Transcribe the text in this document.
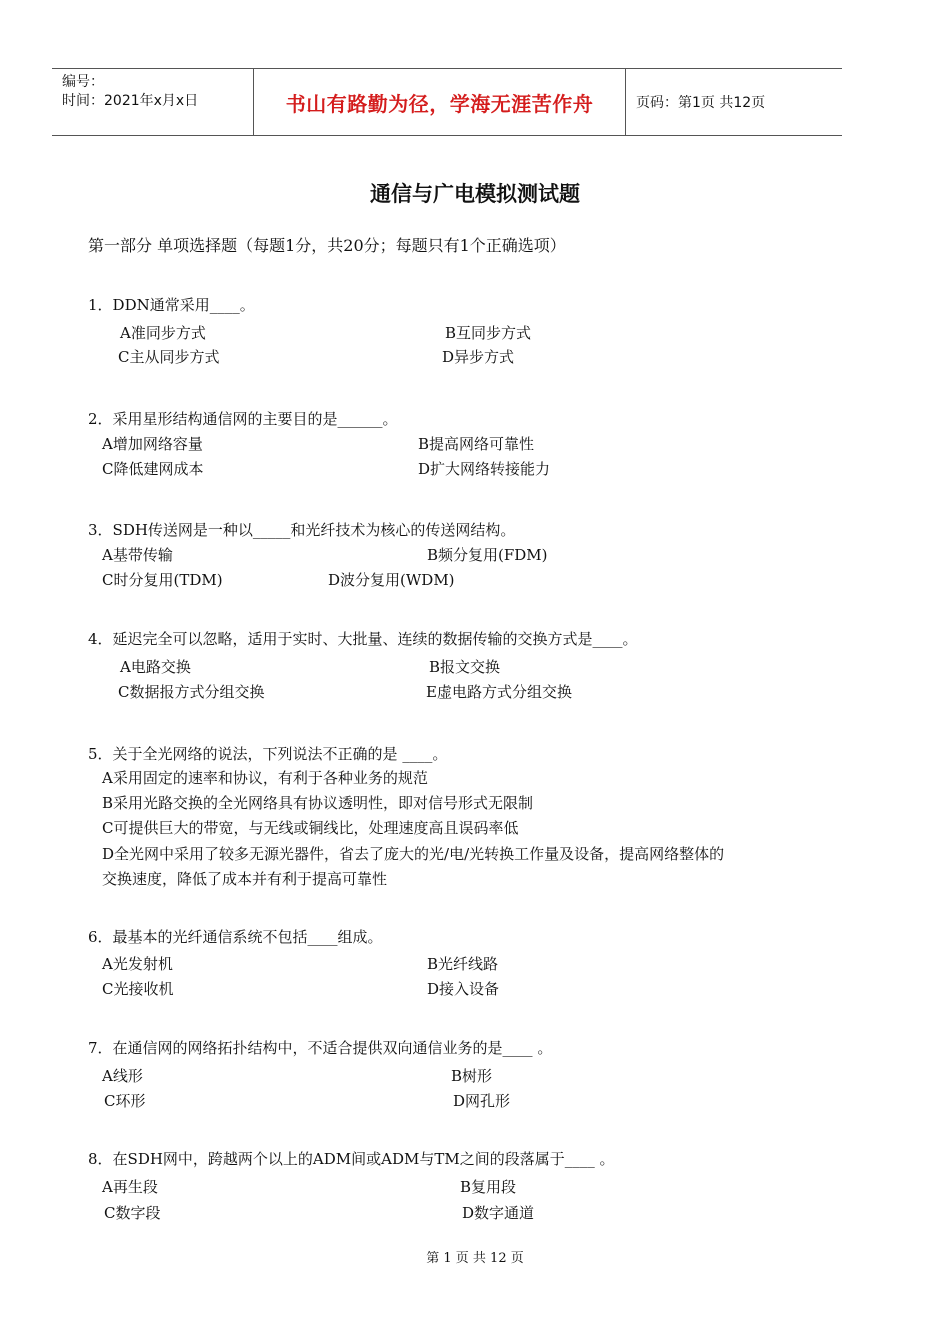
编号：
时间：2021年x月x日	书山有路勤为径，学海无涯苦作舟	页码：第1页 共12页
通信与广电模拟测试题
第一部分 单项选择题（每题1分，共20分；每题只有1个正确选项）
1．DDN通常采用____。
A准同步方式	B互同步方式
C主从同步方式	D异步方式
2．采用星形结构通信网的主要目的是______。
A增加网络容量	B提高网络可靠性
C降低建网成本	D扩大网络转接能力
3．SDH传送网是一种以_____和光纤技术为核心的传送网结构。
A基带传输	B频分复用(FDM)
C时分复用(TDM)	D波分复用(WDM)
4．延迟完全可以忽略，适用于实时、大批量、连续的数据传输的交换方式是____。
A电路交换	B报文交换
C数据报方式分组交换	E虚电路方式分组交换
5．关于全光网络的说法，下列说法不正确的是 ____。
A采用固定的速率和协议，有利于各种业务的规范
B采用光路交换的全光网络具有协议透明性，即对信号形式无限制
C可提供巨大的带宽，与无线或铜线比，处理速度高且误码率低
D全光网中采用了较多无源光器件，省去了庞大的光/电/光转换工作量及设备，提高网络整体的
交换速度，降低了成本并有利于提高可靠性
6．最基本的光纤通信系统不包括____组成。
A光发射机	B光纤线路
C光接收机	D接入设备
7．在通信网的网络拓扑结构中，不适合提供双向通信业务的是____ 。
A线形	B树形
C环形	D网孔形
8．在SDH网中，跨越两个以上的ADM间或ADM与TM之间的段落属于____ 。
A再生段	B复用段
C数字段	D数字通道
第 1 页 共 12 页
